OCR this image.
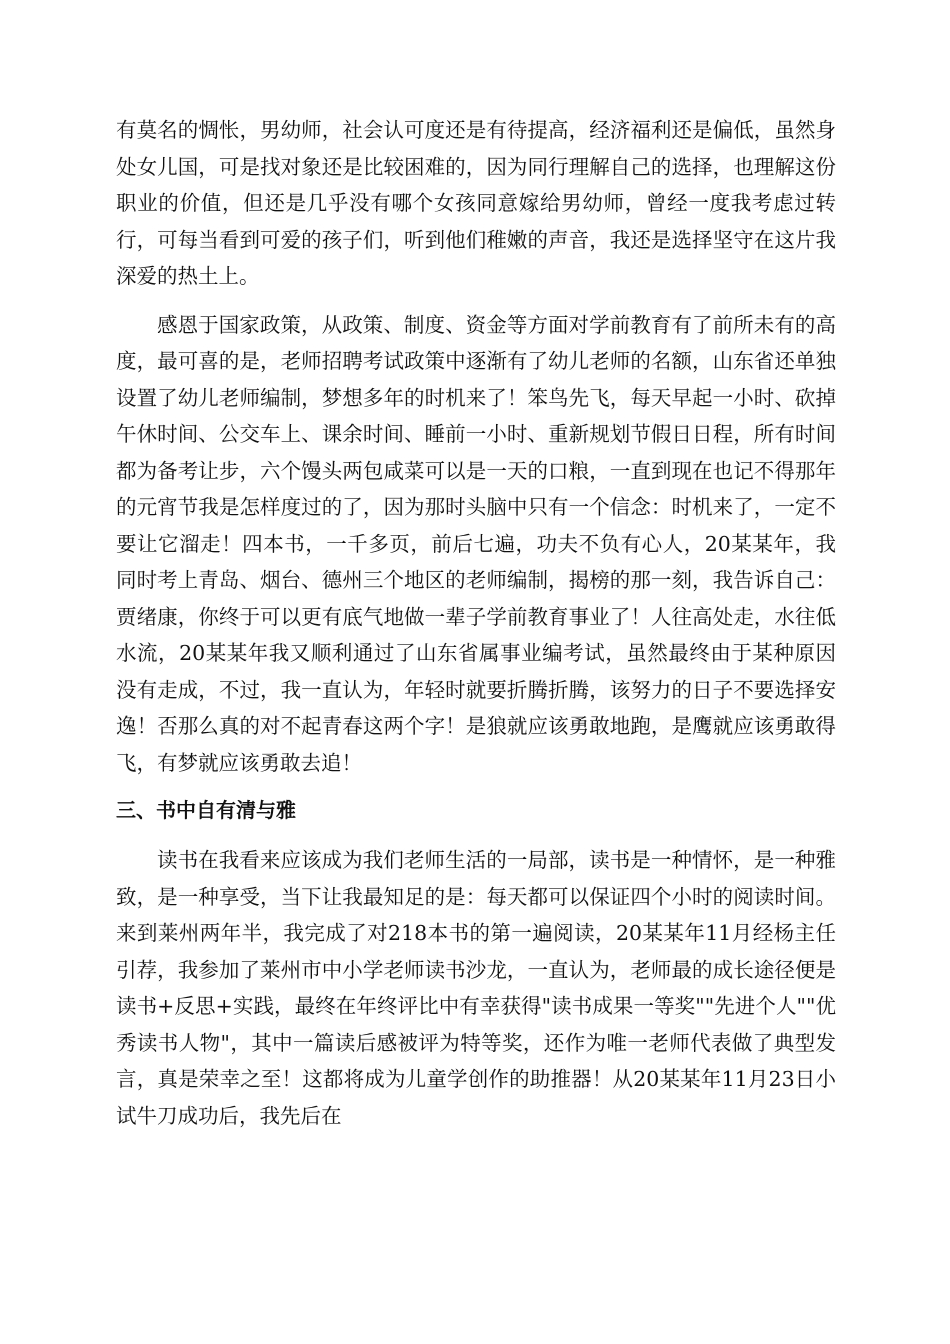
有莫名的惆怅，男幼师，社会认可度还是有待提高，经济福利还是偏低，虽然身处女儿国，可是找对象还是比较困难的，因为同行理解自己的选择，也理解这份职业的价值，但还是几乎没有哪个女孩同意嫁给男幼师，曾经一度我考虑过转行，可每当看到可爱的孩子们，听到他们稚嫩的声音，我还是选择坚守在这片我深爱的热土上。

感恩于国家政策，从政策、制度、资金等方面对学前教育有了前所未有的高度，最可喜的是，老师招聘考试政策中逐渐有了幼儿老师的名额，山东省还单独设置了幼儿老师编制，梦想多年的时机来了！笨鸟先飞，每天早起一小时、砍掉午休时间、公交车上、课余时间、睡前一小时、重新规划节假日日程，所有时间都为备考让步，六个馒头两包咸菜可以是一天的口粮，一直到现在也记不得那年的元宵节我是怎样度过的了，因为那时头脑中只有一个信念：时机来了，一定不要让它溜走！四本书，一千多页，前后七遍，功夫不负有心人，20某某年，我同时考上青岛、烟台、德州三个地区的老师编制，揭榜的那一刻，我告诉自己：贾绪康，你终于可以更有底气地做一辈子学前教育事业了！人往高处走，水往低水流，20某某年我又顺利通过了山东省属事业编考试，虽然最终由于某种原因没有走成，不过，我一直认为，年轻时就要折腾折腾，该努力的日子不要选择安逸！否那么真的对不起青春这两个字！是狼就应该勇敢地跑，是鹰就应该勇敢得飞，有梦就应该勇敢去追！

三、书中自有清与雅

读书在我看来应该成为我们老师生活的一局部，读书是一种情怀，是一种雅致，是一种享受，当下让我最知足的是：每天都可以保证四个小时的阅读时间。来到莱州两年半，我完成了对218本书的第一遍阅读，20某某年11月经杨主任引荐，我参加了莱州市中小学老师读书沙龙，一直认为，老师最的成长途径便是读书+反思+实践，最终在年终评比中有幸获得"读书成果一等奖""先进个人""优秀读书人物"，其中一篇读后感被评为特等奖，还作为唯一老师代表做了典型发言，真是荣幸之至！这都将成为儿童学创作的助推器！从20某某年11月23日小试牛刀成功后，我先后在
